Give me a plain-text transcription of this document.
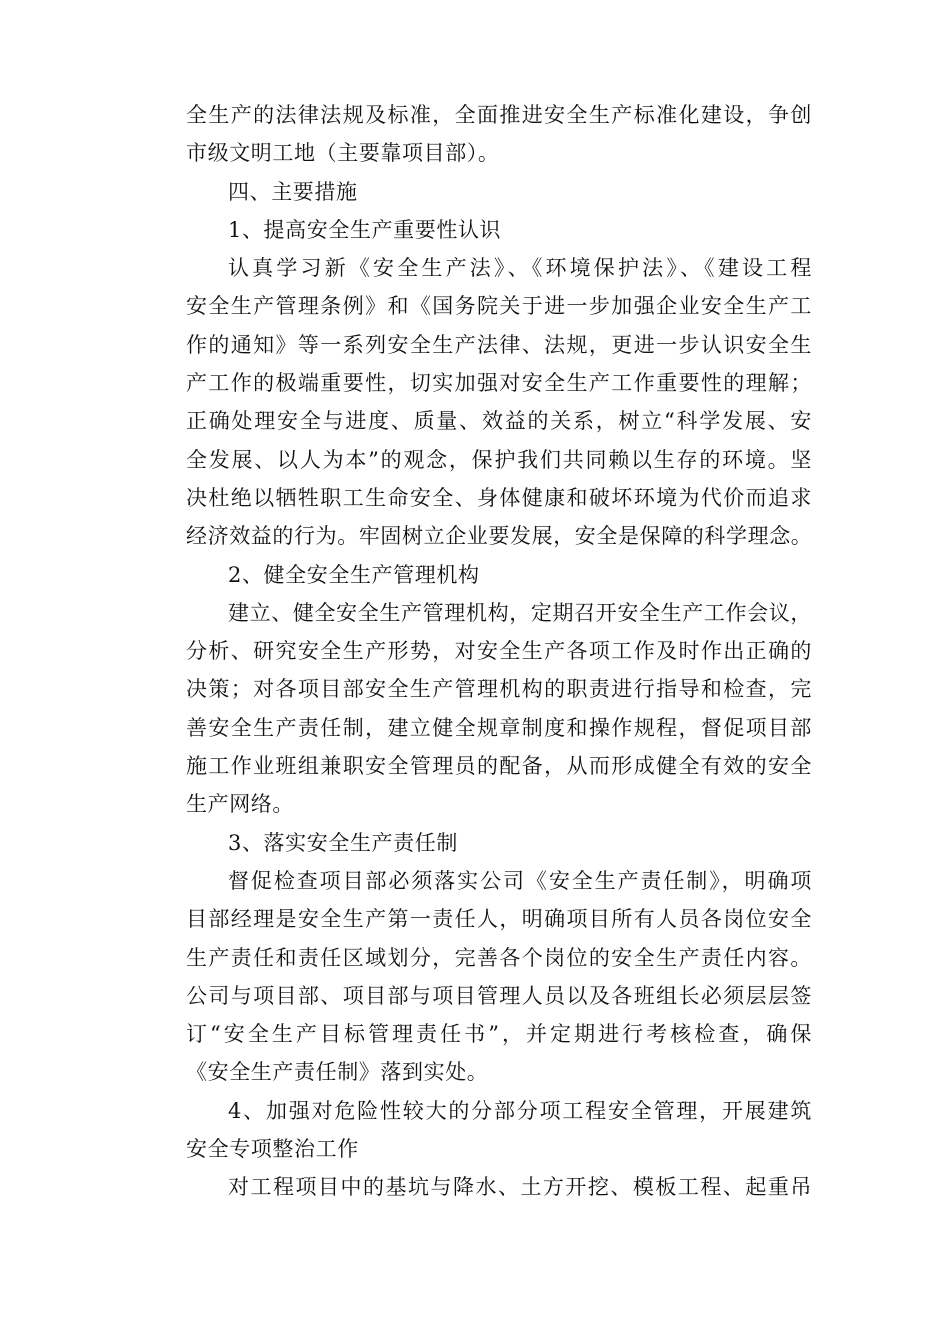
全生产的法律法规及标准，全面推进安全生产标准化建设，争创
市级文明工地（主要靠项目部）。
四、主要措施
1、提高安全生产重要性认识
认真学习新《安全生产法》、《环境保护法》、《建设工程
安全生产管理条例》和《国务院关于进一步加强企业安全生产工
作的通知》等一系列安全生产法律、法规，更进一步认识安全生
产工作的极端重要性，切实加强对安全生产工作重要性的理解；
正确处理安全与进度、质量、效益的关系，树立“科学发展、安
全发展、以人为本”的观念，保护我们共同赖以生存的环境。坚
决杜绝以牺牲职工生命安全、身体健康和破坏环境为代价而追求
经济效益的行为。牢固树立企业要发展，安全是保障的科学理念。
2、健全安全生产管理机构
建立、健全安全生产管理机构，定期召开安全生产工作会议，
分析、研究安全生产形势，对安全生产各项工作及时作出正确的
决策；对各项目部安全生产管理机构的职责进行指导和检查，完
善安全生产责任制，建立健全规章制度和操作规程，督促项目部
施工作业班组兼职安全管理员的配备，从而形成健全有效的安全
生产网络。
3、落实安全生产责任制
督促检查项目部必须落实公司《安全生产责任制》，明确项
目部经理是安全生产第一责任人，明确项目所有人员各岗位安全
生产责任和责任区域划分，完善各个岗位的安全生产责任内容。
公司与项目部、项目部与项目管理人员以及各班组长必须层层签
订“安全生产目标管理责任书”，并定期进行考核检查，确保
《安全生产责任制》落到实处。
4、加强对危险性较大的分部分项工程安全管理，开展建筑
安全专项整治工作
对工程项目中的基坑与降水、土方开挖、模板工程、起重吊
